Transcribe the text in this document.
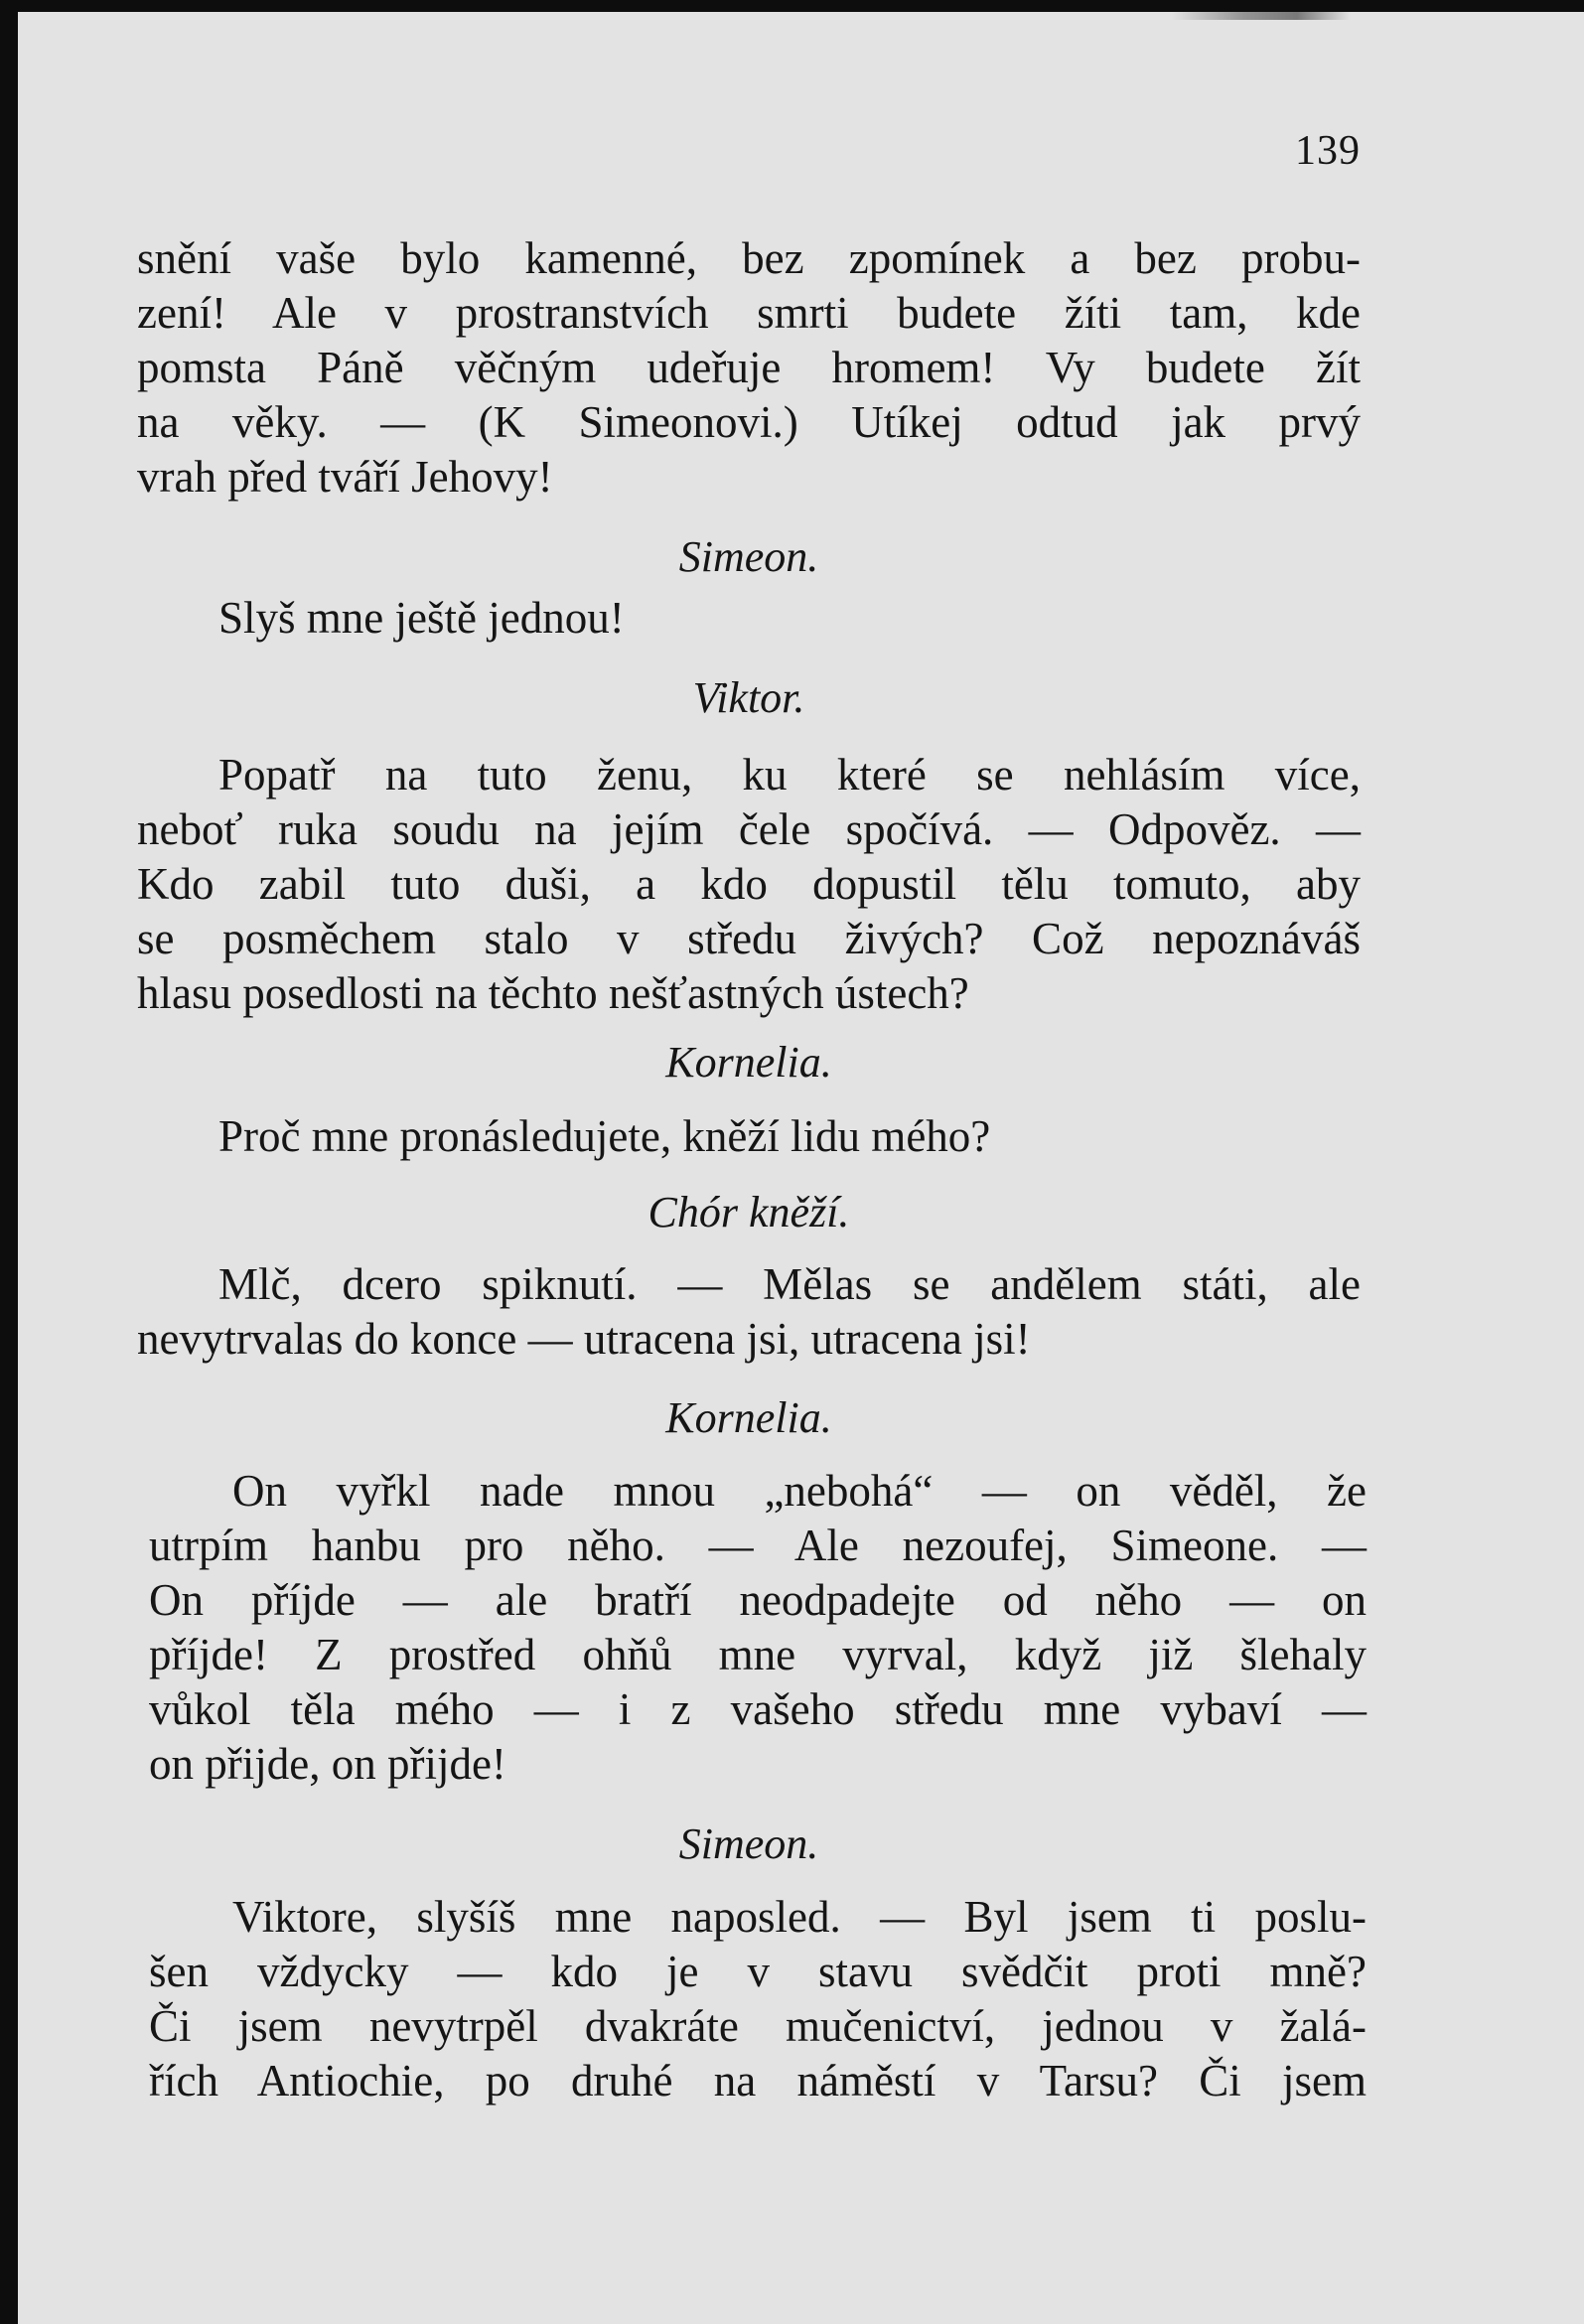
139
snění vaše bylo kamenné, bez zpomínek a bez probu-
zení! Ale v prostranstvích smrti budete žíti tam, kde
pomsta Páně věčným udeřuje hromem! Vy budete žít
na věky. — (K Simeonovi.) Utíkej odtud jak prvý
vrah před tváří Jehovy!
Simeon.
Slyš mne ještě jednou!
Viktor.
Popatř na tuto ženu, ku které se nehlásím více,
neboť ruka soudu na jejím čele spočívá. — Odpověz. —
Kdo zabil tuto duši, a kdo dopustil tělu tomuto, aby
se posměchem stalo v středu živých? Což nepoznáváš
hlasu posedlosti na těchto nešťastných ústech?
Kornelia.
Proč mne pronásledujete, kněží lidu mého?
Chór kněží.
Mlč, dcero spiknutí. — Mělas se andělem státi, ale
nevytrvalas do konce — utracena jsi, utracena jsi!
Kornelia.
On vyřkl nade mnou „nebohá“ — on věděl, že
utrpím hanbu pro něho. — Ale nezoufej, Simeone. —
On příjde — ale bratří neodpadejte od něho — on
příjde! Z prostřed ohňů mne vyrval, když již šlehaly
vůkol těla mého — i z vašeho středu mne vybaví —
on přijde, on přijde!
Simeon.
Viktore, slyšíš mne naposled. — Byl jsem ti poslu-
šen vždycky — kdo je v stavu svědčit proti mně?
Či jsem nevytrpěl dvakráte mučenictví, jednou v žalá-
řích Antiochie, po druhé na náměstí v Tarsu? Či jsem
